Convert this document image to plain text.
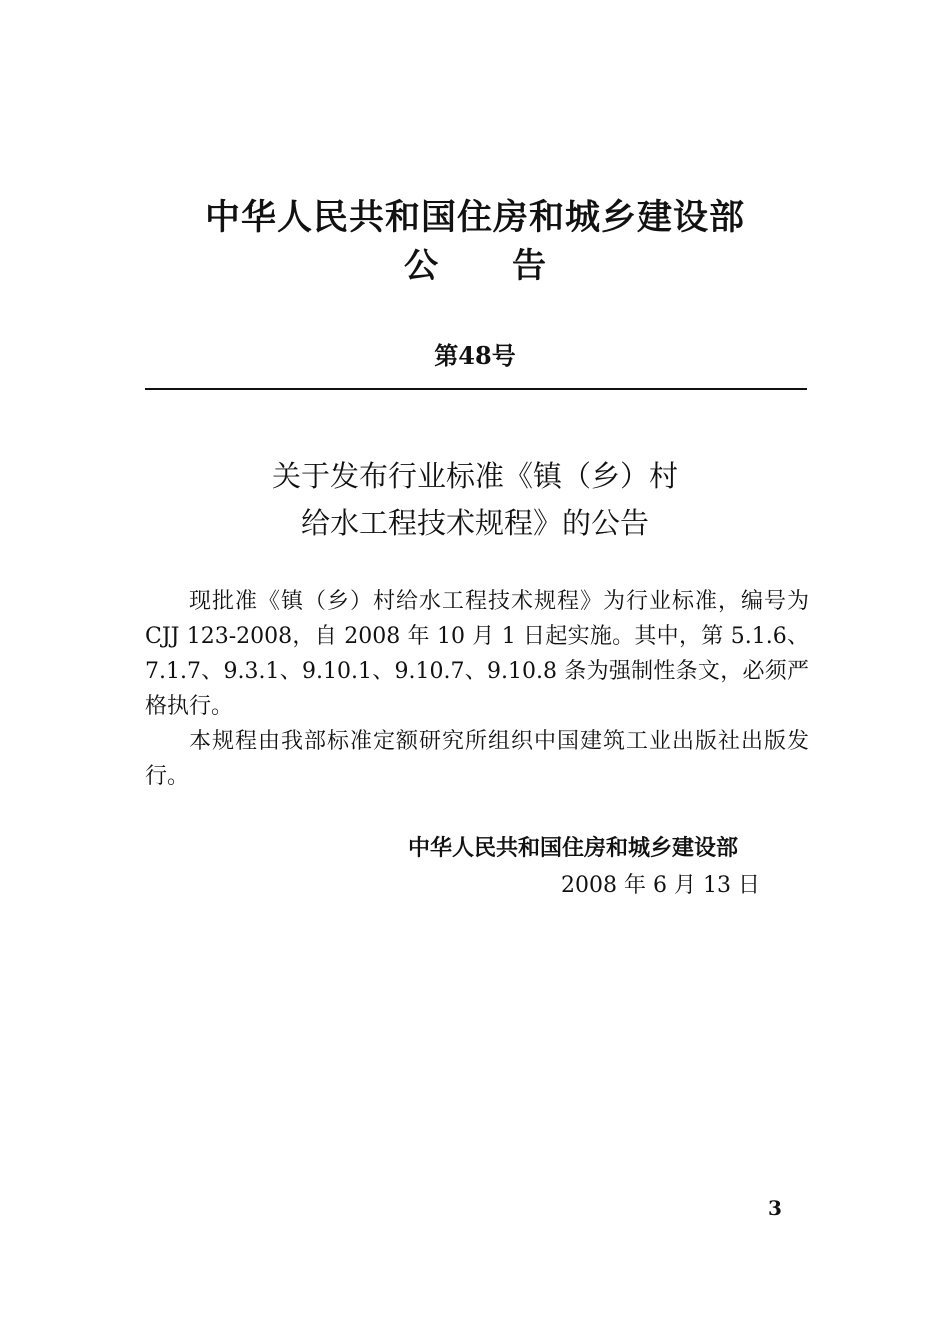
中华人民共和国住房和城乡建设部
公告
第48号
关于发布行业标准《镇（乡）村
给水工程技术规程》的公告

现批准《镇（乡）村给水工程技术规程》为行业标准，编号为 CJJ 123-2008，自 2008 年 10 月 1 日起实施。其中，第 5.1.6、7.1.7、9.3.1、9.10.1、9.10.7、9.10.8 条为强制性条文，必须严格执行。

本规程由我部标准定额研究所组织中国建筑工业出版社出版发行。

中华人民共和国住房和城乡建设部
2008 年 6 月 13 日
3
